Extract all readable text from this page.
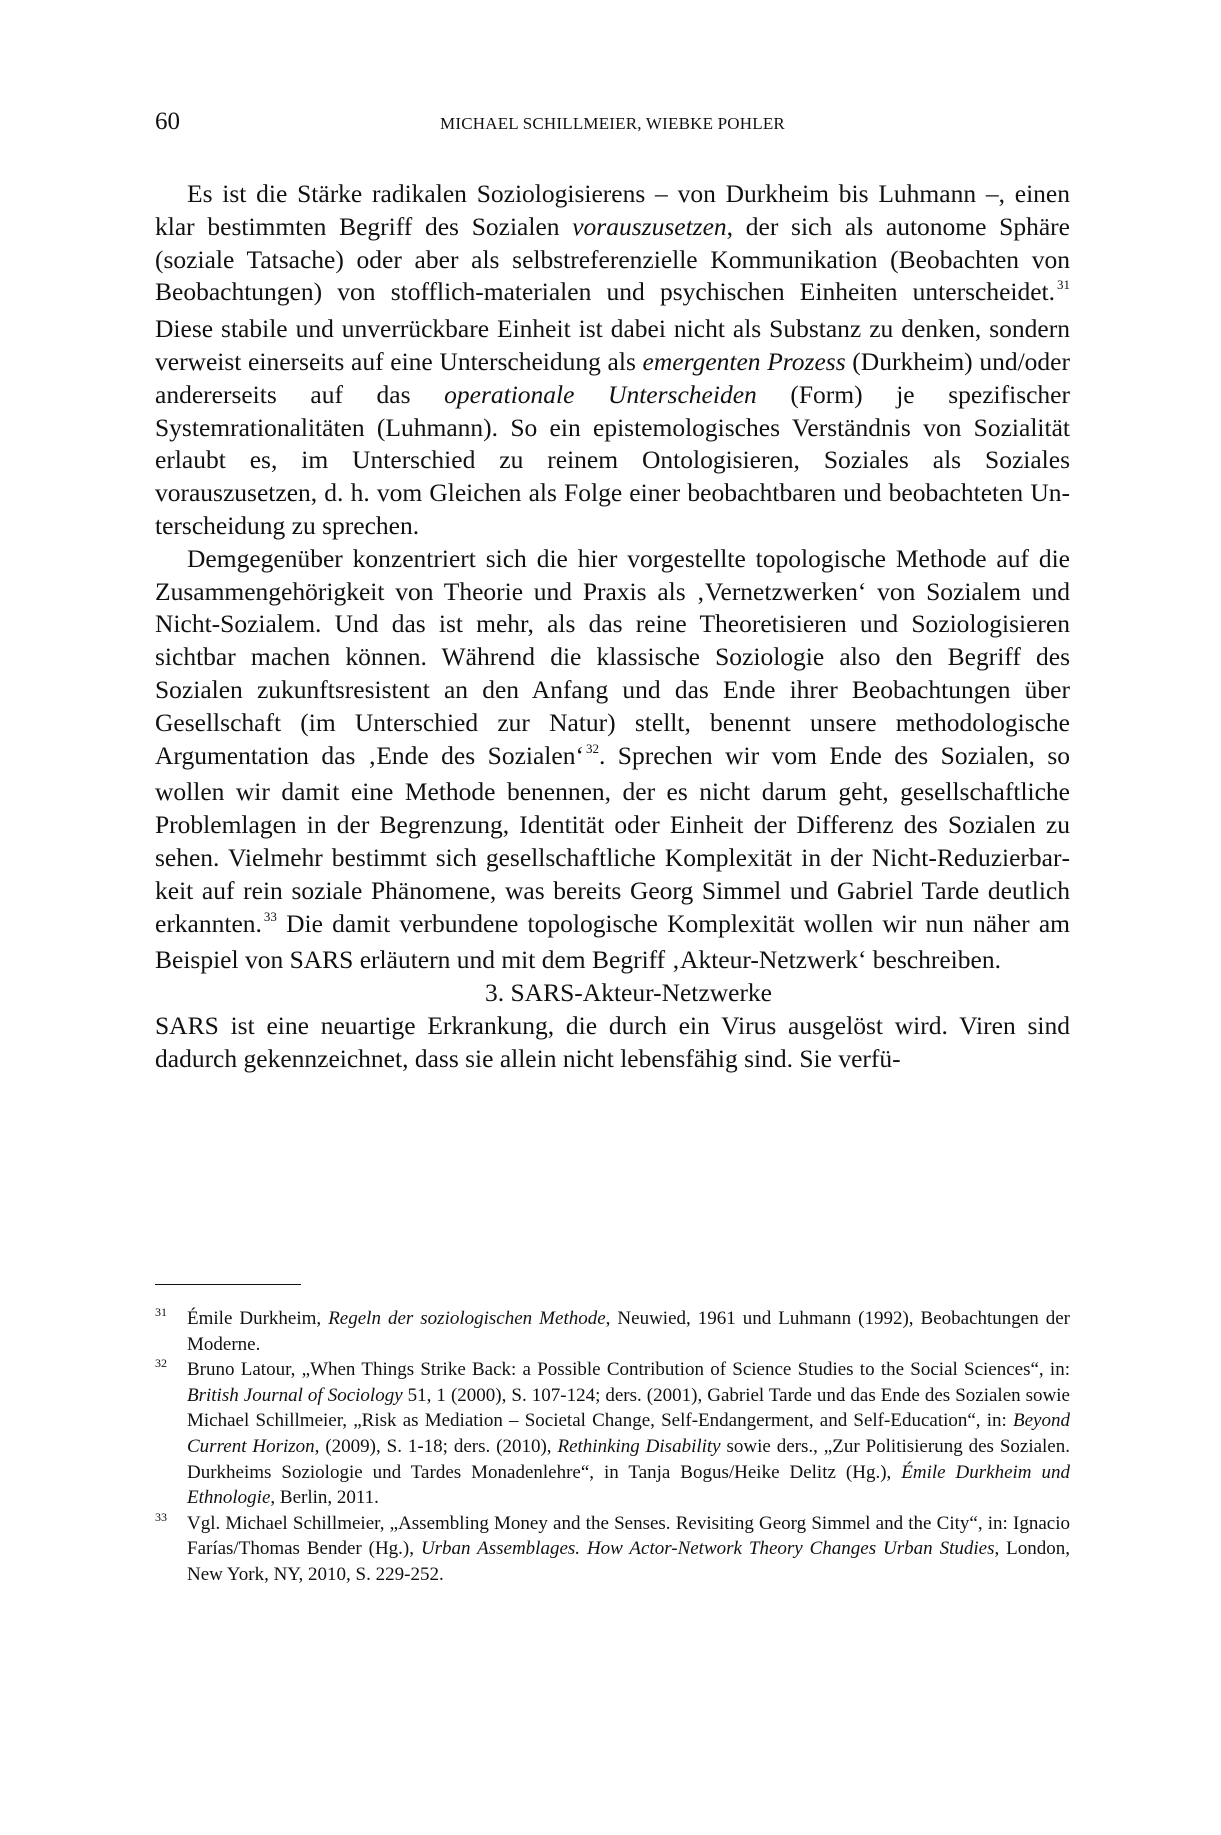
60	MICHAEL SCHILLMEIER, WIEBKE POHLER

Es ist die Stärke radikalen Soziologisierens – von Durkheim bis Luhmann –, einen klar bestimmten Begriff des Sozialen vorauszusetzen, der sich als autonome Sphäre (soziale Tatsache) oder aber als selbstreferenzielle Kommunikation (Beobachten von Beobachtungen) von stofflich-materialen und psychischen Einheiten unterscheidet. $^{31}$ Diese stabile und unverrückbare Einheit ist dabei nicht als Substanz zu denken, sondern verweist einerseits auf eine Unterscheidung als emergenten Prozess (Durkheim) und/oder andererseits auf das operationale Unterscheiden (Form) je spezifischer Systemrationalitäten (Luhmann). So ein epistemologisches Verständnis von Sozialität erlaubt es, im Unterschied zu reinem Ontologisieren, Soziales als Soziales vorauszusetzen, d. h. vom Gleichen als Folge einer beobachtbaren und beobachteten Unterscheidung zu sprechen.

Demgegenüber konzentriert sich die hier vorgestellte topologische Methode auf die Zusammengehörigkeit von Theorie und Praxis als ‚Vernetzwerken‘ von Sozialem und Nicht-Sozialem. Und das ist mehr, als das reine Theoretisieren und Soziologisieren sichtbar machen können. Während die klassische Soziologie also den Begriff des Sozialen zukunftsresistent an den Anfang und das Ende ihrer Beobachtungen über Gesellschaft (im Unterschied zur Natur) stellt, benennt unsere methodologische Argumentation das ‚Ende des Sozialen‘ $^{32}$. Sprechen wir vom Ende des Sozialen, so wollen wir damit eine Methode benennen, der es nicht darum geht, gesellschaftliche Problemlagen in der Begrenzung, Identität oder Einheit der Differenz des Sozialen zu sehen. Vielmehr bestimmt sich gesellschaftliche Komplexität in der Nicht-Reduzierbarkeit auf rein soziale Phänomene, was bereits Georg Simmel und Gabriel Tarde deutlich erkannten. $^{33}$ Die damit verbundene topologische Komplexität wollen wir nun näher am Beispiel von SARS erläutern und mit dem Begriff ‚Akteur-Netzwerk‘ beschreiben.

3. SARS-Akteur-Netzwerke

SARS ist eine neuartige Erkrankung, die durch ein Virus ausgelöst wird. Viren sind dadurch gekennzeichnet, dass sie allein nicht lebensfähig sind. Sie verfü-

31 Émile Durkheim, Regeln der soziologischen Methode, Neuwied, 1961 und Luhmann (1992), Beobachtungen der Moderne.

32 Bruno Latour, „When Things Strike Back: a Possible Contribution of Science Studies to the Social Sciences“, in: British Journal of Sociology 51, 1 (2000), S. 107-124; ders. (2001), Gabriel Tarde und das Ende des Sozialen sowie Michael Schillmeier, „Risk as Mediation – Societal Change, Self-Endangerment, and Self-Education“, in: Beyond Current Horizon, (2009), S. 1-18; ders. (2010), Rethinking Disability sowie ders., „Zur Politisierung des Sozialen. Durkheims Soziologie und Tardes Monadenlehre“, in Tanja Bogus/Heike Delitz (Hg.), Émile Durkheim und Ethnologie, Berlin, 2011.

33 Vgl. Michael Schillmeier, „Assembling Money and the Senses. Revisiting Georg Simmel and the City“, in: Ignacio Farías/Thomas Bender (Hg.), Urban Assemblages. How Actor-Network Theory Changes Urban Studies, London, New York, NY, 2010, S. 229-252.
